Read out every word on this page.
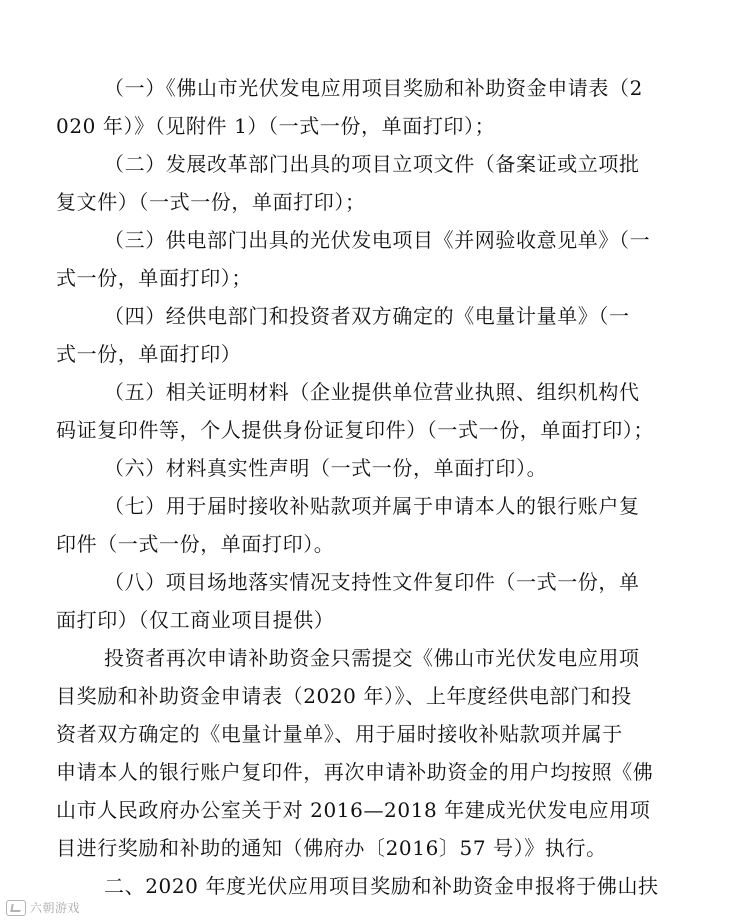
（一）《佛山市光伏发电应用项目奖励和补助资金申请表（2
020 年）》（见附件 1）（一式一份，单面打印）；
（二）发展改革部门出具的项目立项文件（备案证或立项批
复文件）（一式一份，单面打印）；
（三）供电部门出具的光伏发电项目《并网验收意见单》（一
式一份，单面打印）；
（四）经供电部门和投资者双方确定的《电量计量单》（一
式一份，单面打印）
（五）相关证明材料（企业提供单位营业执照、组织机构代
码证复印件等，个人提供身份证复印件）（一式一份，单面打印）；
（六）材料真实性声明（一式一份，单面打印）。
（七）用于届时接收补贴款项并属于申请本人的银行账户复
印件（一式一份，单面打印）。
（八）项目场地落实情况支持性文件复印件（一式一份，单
面打印）（仅工商业项目提供）
投资者再次申请补助资金只需提交《佛山市光伏发电应用项
目奖励和补助资金申请表（2020 年）》、上年度经供电部门和投
资者双方确定的《电量计量单》、用于届时接收补贴款项并属于
申请本人的银行账户复印件，再次申请补助资金的用户均按照《佛
山市人民政府办公室关于对 2016—2018 年建成光伏发电应用项
目进行奖励和补助的通知（佛府办〔2016〕57 号）》执行。
二、2020 年度光伏应用项目奖励和补助资金申报将于佛山扶
六朝游戏
